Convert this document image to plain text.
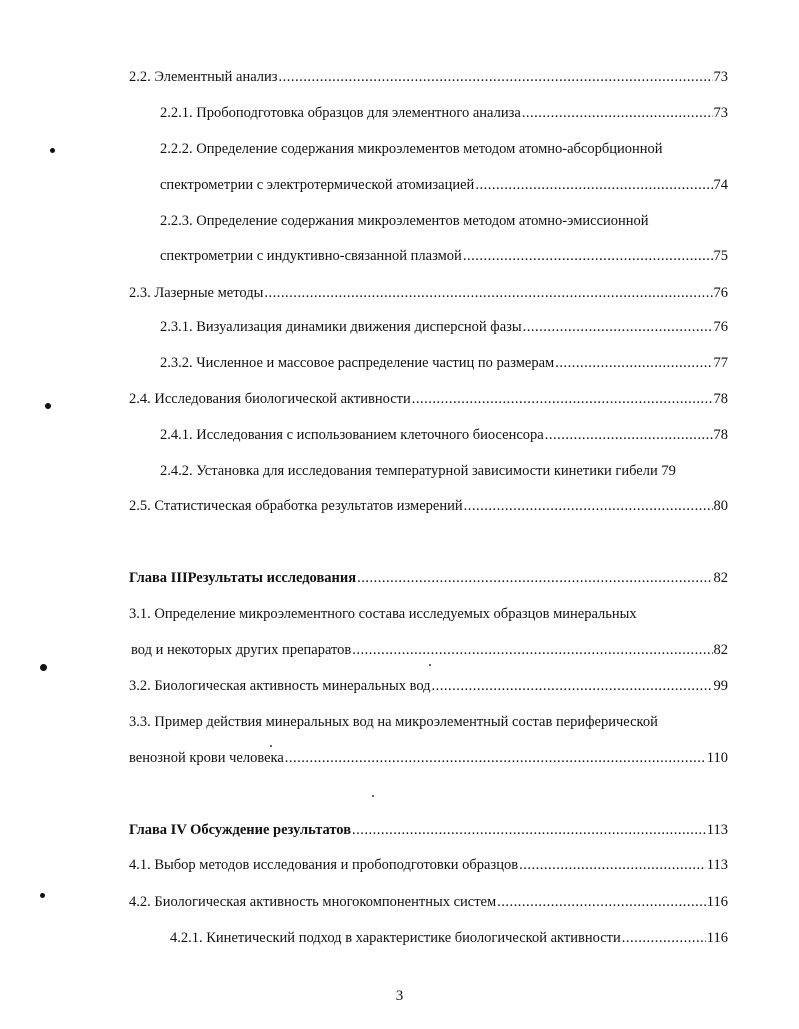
2.2. Элементный анализ .....	73
2.2.1. Пробоподготовка образцов для элементного анализа .....	73
2.2.2. Определение содержания микроэлементов методом атомно-абсорбционной
спектрометрии с электротермической атомизацией .....	74
2.2.3. Определение содержания микроэлементов методом атомно-эмиссионной
спектрометрии с индуктивно-связанной плазмой .....	75
2.3. Лазерные методы .....	76
2.3.1. Визуализация динамики движения дисперсной фазы .....	76
2.3.2. Численное и массовое распределение частиц по размерам .....	77
2.4. Исследования биологической активности .....	78
2.4.1. Исследования с использованием клеточного биосенсора .....	78
2.4.2. Установка для исследования температурной зависимости кинетики гибели 79
2.5. Статистическая обработка результатов измерений .....	80
Глава III Результаты исследования .....	82
3.1. Определение микроэлементного состава исследуемых образцов минеральных
вод и некоторых других препаратов .....	82
3.2. Биологическая активность минеральных вод .....	99
3.3. Пример действия минеральных вод на микроэлементный состав периферической
венозной крови человека .....	110
Глава IV Обсуждение результатов .....	113
4.1. Выбор методов исследования и пробоподготовки образцов .....	113
4.2. Биологическая активность многокомпонентных систем .....	116
4.2.1. Кинетический подход в характеристике биологической активности .....	116
3
